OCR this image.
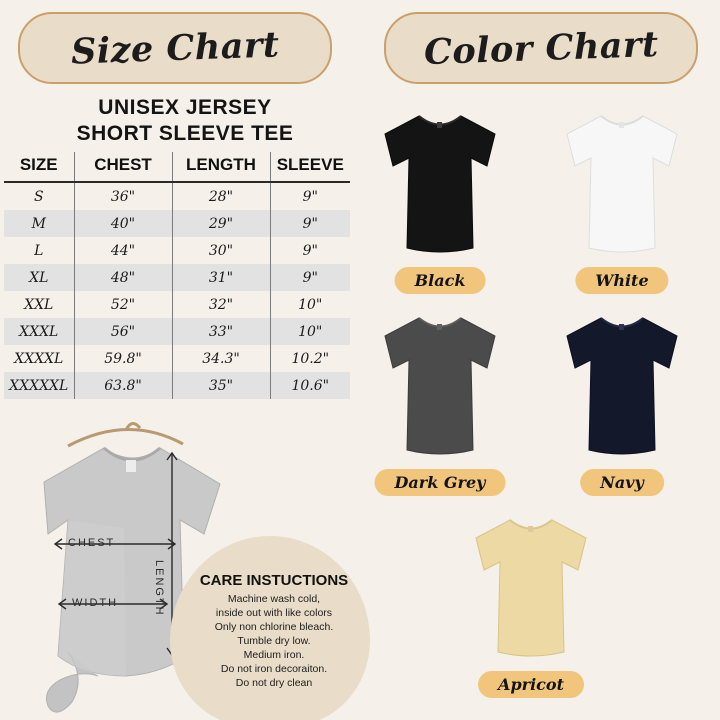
Size Chart	Color Chart
UNISEX JERSEY
SHORT SLEEVE TEE
SIZE	CHEST	LENGTH	SLEEVE
S	36"	28"	9"
M	40"	29"	9"
L	44"	30"	9"
XL	48"	31"	9"
XXL	52"	32"	10"
XXXL	56"	33"	10"
XXXXL	59.8"	34.3"	10.2"
XXXXXL	63.8"	35"	10.6"
CHEST
WIDTH	LENGTH	CARE INSTUCTIONS
Machine wash cold,
inside out with like colors
Only non chlorine bleach.
Tumble dry low.
Medium iron.
Do not iron decoraiton.
Do not dry clean
Black	White
Dark Grey	Navy
Apricot
